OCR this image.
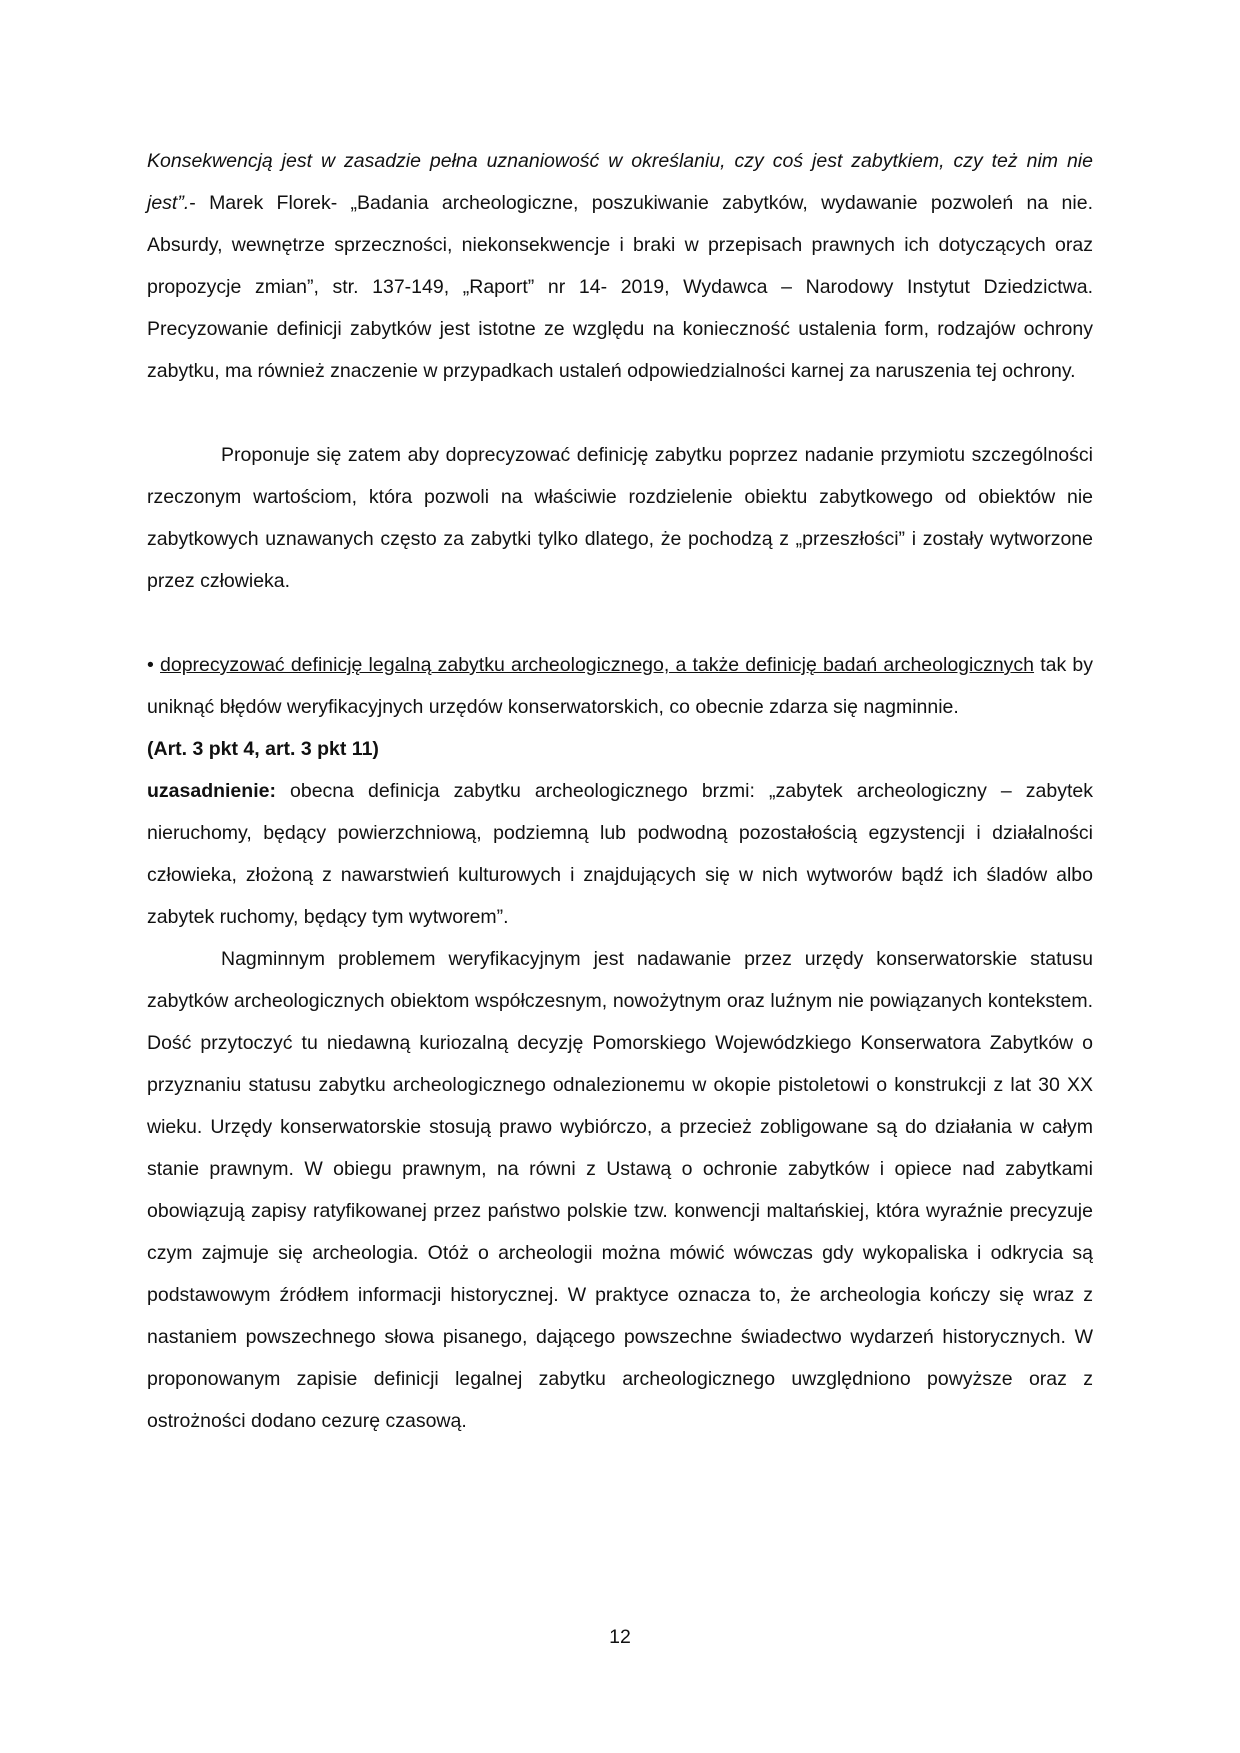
Konsekwencją jest w zasadzie pełna uznaniowość w określaniu, czy coś jest zabytkiem, czy też nim nie jest”.- Marek Florek- „Badania archeologiczne, poszukiwanie zabytków, wydawanie pozwoleń na nie. Absurdy, wewnętrze sprzeczności, niekonsekwencje i braki w przepisach prawnych ich dotyczących oraz propozycje zmian”, str. 137-149, „Raport” nr 14- 2019, Wydawca – Narodowy Instytut Dziedzictwa. Precyzowanie definicji zabytków jest istotne ze względu na konieczność ustalenia form, rodzajów ochrony zabytku, ma również znaczenie w przypadkach ustaleń odpowiedzialności karnej za naruszenia tej ochrony.

Proponuje się zatem aby doprecyzować definicję zabytku poprzez nadanie przymiotu szczególności rzeczonym wartościom, która pozwoli na właściwie rozdzielenie obiektu zabytkowego od obiektów nie zabytkowych uznawanych często za zabytki tylko dlatego, że pochodzą z „przeszłości” i zostały wytworzone przez człowieka.

• doprecyzować definicję legalną zabytku archeologicznego, a także definicję badań archeologicznych tak by uniknąć błędów weryfikacyjnych urzędów konserwatorskich, co obecnie zdarza się nagminnie.

(Art. 3 pkt 4, art. 3 pkt 11)

uzasadnienie: obecna definicja zabytku archeologicznego brzmi: „zabytek archeologiczny – zabytek nieruchomy, będący powierzchniową, podziemną lub podwodną pozostałością egzystencji i działalności człowieka, złożoną z nawarstwień kulturowych i znajdujących się w nich wytworów bądź ich śladów albo zabytek ruchomy, będący tym wytworem”.

Nagminnym problemem weryfikacyjnym jest nadawanie przez urzędy konserwatorskie statusu zabytków archeologicznych obiektom współczesnym, nowożytnym oraz luźnym nie powiązanych kontekstem. Dość przytoczyć tu niedawną kuriozalną decyzję Pomorskiego Wojewódzkiego Konserwatora Zabytków o przyznaniu statusu zabytku archeologicznego odnalezionemu w okopie pistoletowi o konstrukcji z lat 30 XX wieku. Urzędy konserwatorskie stosują prawo wybiórczo, a przecież zobligowane są do działania w całym stanie prawnym. W obiegu prawnym, na równi z Ustawą o ochronie zabytków i opiece nad zabytkami obowiązują zapisy ratyfikowanej przez państwo polskie tzw. konwencji maltańskiej, która wyraźnie precyzuje czym zajmuje się archeologia. Otóż o archeologii można mówić wówczas gdy wykopaliska i odkrycia są podstawowym źródłem informacji historycznej. W praktyce oznacza to, że archeologia kończy się wraz z nastaniem powszechnego słowa pisanego, dającego powszechne świadectwo wydarzeń historycznych. W proponowanym zapisie definicji legalnej zabytku archeologicznego uwzględniono powyższe oraz z ostrożności dodano cezurę czasową.

12
